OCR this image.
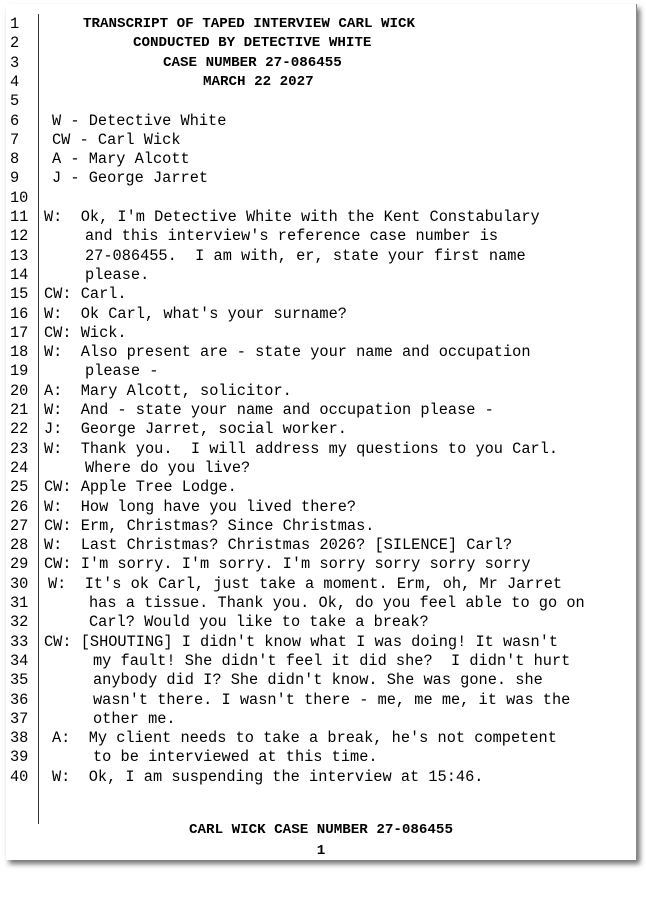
1	TRANSCRIPT OF TAPED INTERVIEW CARL WICK
2	CONDUCTED BY DETECTIVE WHITE
3	CASE NUMBER 27-086455
4	MARCH 22 2027
5
6	W - Detective White
7	CW - Carl Wick
8	A - Mary Alcott
9	J - George Jarret
10
11	W:  Ok, I'm Detective White with the Kent Constabulary
12	and this interview's reference case number is
13	27-086455.  I am with, er, state your first name
14	please.
15	CW: Carl.
16	W:  Ok Carl, what's your surname?
17	CW: Wick.
18	W:  Also present are - state your name and occupation
19	please -
20	A:  Mary Alcott, solicitor.
21	W:  And - state your name and occupation please -
22	J:  George Jarret, social worker.
23	W:  Thank you.  I will address my questions to you Carl.
24	Where do you live?
25	CW: Apple Tree Lodge.
26	W:  How long have you lived there?
27	CW: Erm, Christmas? Since Christmas.
28	W:  Last Christmas? Christmas 2026? [SILENCE] Carl?
29	CW: I'm sorry. I'm sorry. I'm sorry sorry sorry sorry
30	W:  It's ok Carl, just take a moment. Erm, oh, Mr Jarret
31	has a tissue. Thank you. Ok, do you feel able to go on
32	Carl? Would you like to take a break?
33	CW: [SHOUTING] I didn't know what I was doing! It wasn't
34	my fault! She didn't feel it did she?  I didn't hurt
35	anybody did I? She didn't know. She was gone. she
36	wasn't there. I wasn't there - me, me me, it was the
37	other me.
38	A:  My client needs to take a break, he's not competent
39	to be interviewed at this time.
40	W:  Ok, I am suspending the interview at 15:46.
CARL WICK CASE NUMBER 27-086455
1
